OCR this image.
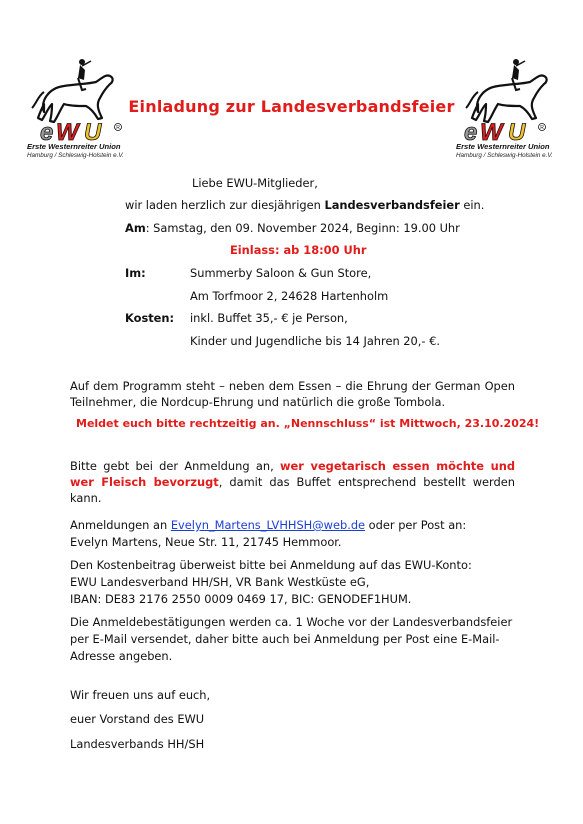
e W U	R
Erste Westernreiter Union
Hamburg / Schleswig-Holstein e.V.
e W U	R
Erste Westernreiter Union
Hamburg / Schleswig-Holstein e.V.
Einladung zur Landesverbandsfeier
Liebe EWU-Mitglieder,
wir laden herzlich zur diesjährigen Landesverbandsfeier ein.
Am: Samstag, den 09. November 2024, Beginn: 19.00 Uhr
Einlass: ab 18:00 Uhr
Im:	Summerby Saloon & Gun Store,
Am Torfmoor 2, 24628 Hartenholm
Kosten: inkl. Buffet 35,- € je Person,
Kinder und Jugendliche bis 14 Jahren 20,- €.
Auf dem Programm steht – neben dem Essen – die Ehrung der German Open Teilnehmer, die Nordcup-Ehrung und natürlich die große Tombola.
Meldet euch bitte rechtzeitig an. „Nennschluss“ ist Mittwoch, 23.10.2024!
Bitte gebt bei der Anmeldung an, wer vegetarisch essen möchte und wer Fleisch bevorzugt, damit das Buffet entsprechend bestellt werden kann.
Anmeldungen an Evelyn_Martens_LVHHSH@web.de oder per Post an:
Evelyn Martens, Neue Str. 11, 21745 Hemmoor.
Den Kostenbeitrag überweist bitte bei Anmeldung auf das EWU-Konto:
EWU Landesverband HH/SH, VR Bank Westküste eG,
IBAN: DE83 2176 2550 0009 0469 17, BIC: GENODEF1HUM.
Die Anmeldebestätigungen werden ca. 1 Woche vor der Landesverbandsfeier per E-Mail versendet, daher bitte auch bei Anmeldung per Post eine E-Mail-Adresse angeben.
Wir freuen uns auf euch,
euer Vorstand des EWU
Landesverbands HH/SH
